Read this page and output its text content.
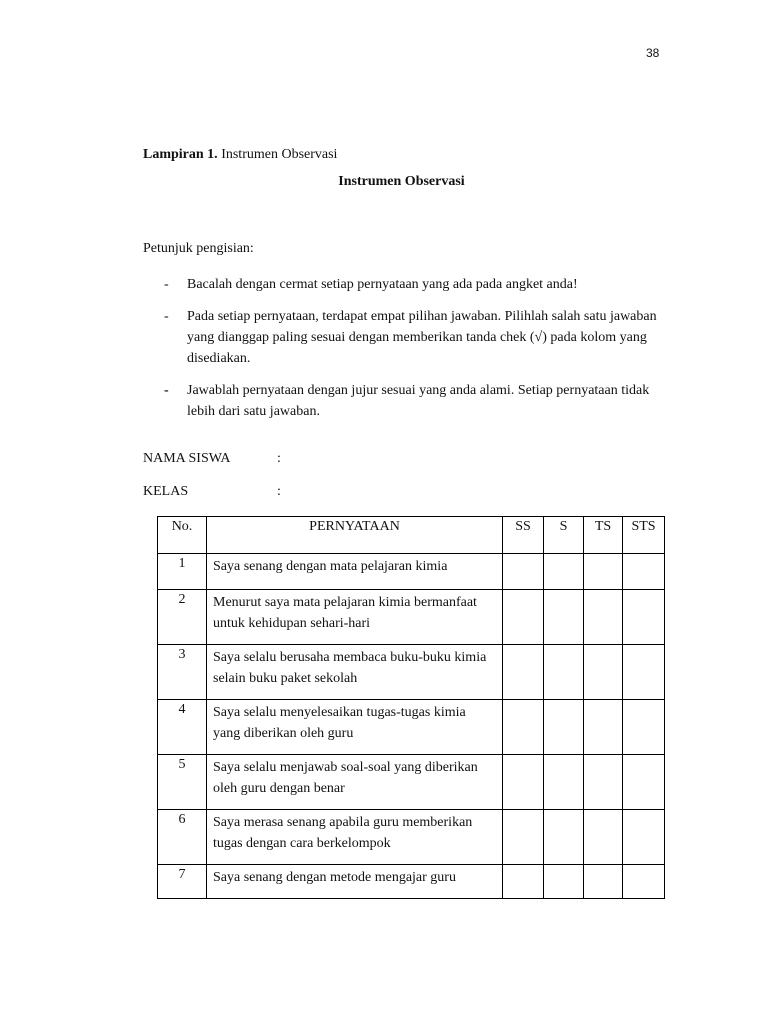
38
Lampiran 1. Instrumen Observasi
Instrumen Observasi
Petunjuk pengisian:
- Bacalah dengan cermat setiap pernyataan yang ada pada angket anda!
- Pada setiap pernyataan, terdapat empat pilihan jawaban. Pilihlah salah satu jawaban yang dianggap paling sesuai dengan memberikan tanda chek (√) pada kolom yang disediakan.
- Jawablah pernyataan dengan jujur sesuai yang anda alami. Setiap pernyataan tidak lebih dari satu jawaban.
NAMA SISWA	:
KELAS	:
No.	PERNYATAAN	SS	S	TS	STS
1	Saya senang dengan mata pelajaran kimia				
2	Menurut saya mata pelajaran kimia bermanfaat untuk kehidupan sehari-hari				
3	Saya selalu berusaha membaca buku-buku kimia selain buku paket sekolah				
4	Saya selalu menyelesaikan tugas-tugas kimia yang diberikan oleh guru				
5	Saya selalu menjawab soal-soal yang diberikan oleh guru dengan benar				
6	Saya merasa senang apabila guru memberikan tugas dengan cara berkelompok				
7	Saya senang dengan metode mengajar guru				
